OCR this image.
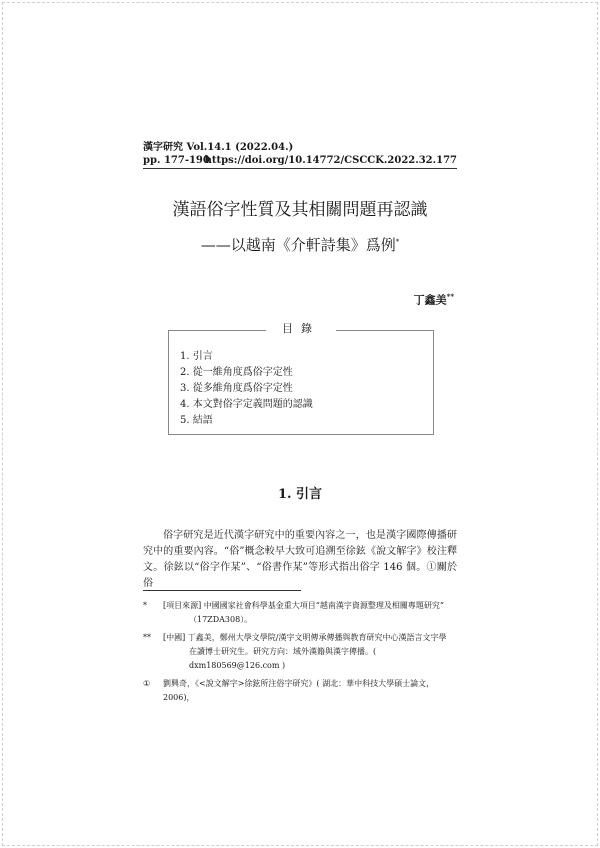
漢字研究 Vol.14.1 (2022.04.)
pp. 177-190
https://doi.org/10.14772/CSCCK.2022.32.177
漢語俗字性質及其相關問題再認識
——以越南《介軒詩集》爲例*
丁鑫美**
目錄
1. 引言
2. 從一維角度爲俗字定性
3. 從多維角度爲俗字定性
4. 本文對俗字定義問題的認識
5. 結語
1. 引言

俗字研究是近代漢字研究中的重要內容之一，也是漢字國際傳播研究中的重要內容。“俗”概念較早大致可追溯至徐鉉《說文解字》校注釋文。徐鉉以“俗字作某”、“俗書作某”等形式指出俗字 146 個。①關於俗

* [項目來源] 中國國家社會科學基金重大項目“越南漢字資源整理及相關專題研究”
（17ZDA308）。
** [中國] 丁鑫美，鄭州大學文學院/漢字文明傳承傳播與教育研究中心漢語言文字學
在讀博士研究生。研究方向：域外漢籍與漢字傳播。( dxm180569@126.com )
① 劉興奇，《<說文解字>徐鉉所注俗字研究》( 湖北：華中科技大學碩士論文，2006)，
